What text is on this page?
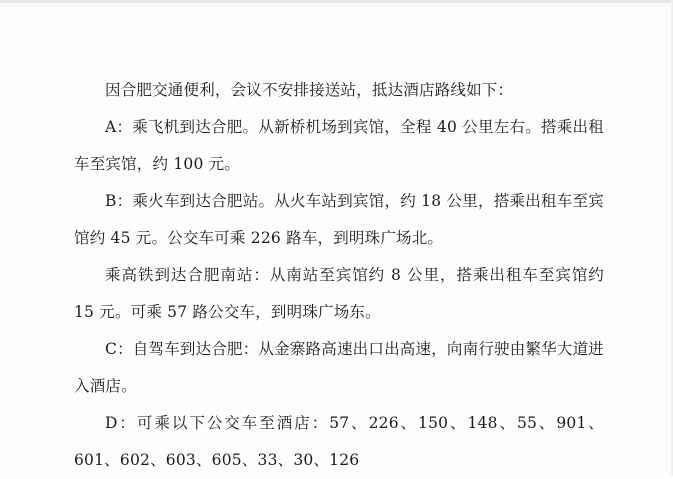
因合肥交通便利，会议不安排接送站，抵达酒店路线如下：

A：乘飞机到达合肥。从新桥机场到宾馆，全程 40 公里左右。搭乘出租车至宾馆，约 100 元。

B：乘火车到达合肥站。从火车站到宾馆，约 18 公里，搭乘出租车至宾馆约 45 元。公交车可乘 226 路车，到明珠广场北。

乘高铁到达合肥南站：从南站至宾馆约 8 公里，搭乘出租车至宾馆约 15 元。可乘 57 路公交车，到明珠广场东。

C：自驾车到达合肥：从金寨路高速出口出高速，向南行驶由繁华大道进入酒店。

D：可乘以下公交车至酒店：57、226、150、148、55、901、601、602、603、605、33、30、126
